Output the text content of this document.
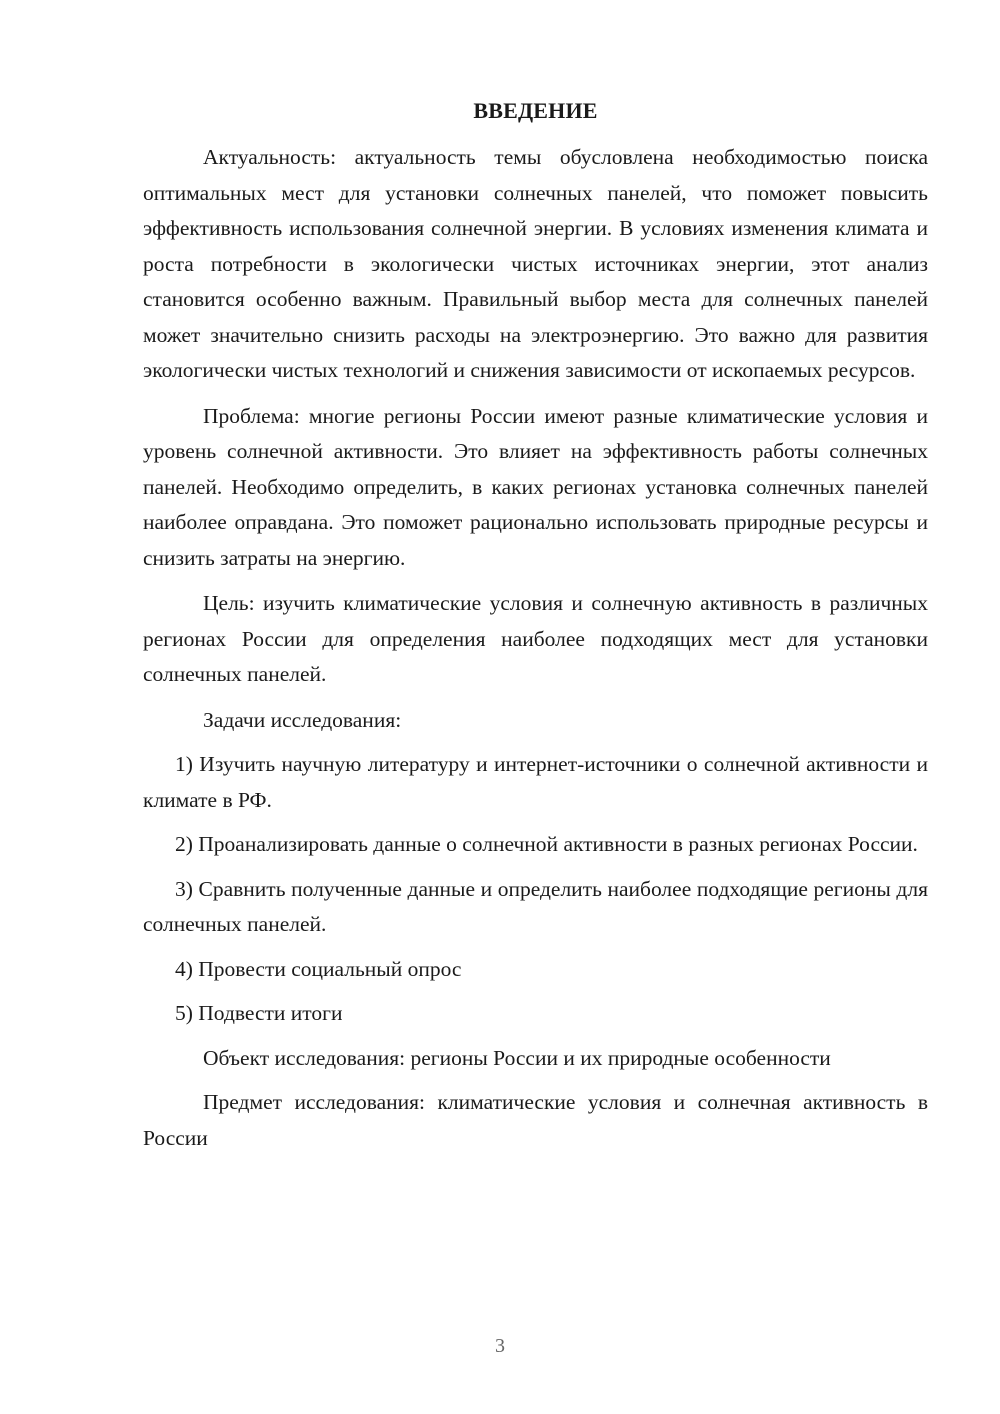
ВВЕДЕНИЕ

Актуальность: актуальность темы обусловлена необходимостью поиска оптимальных мест для установки солнечных панелей, что поможет повысить эффективность использования солнечной энергии. В условиях изменения климата и роста потребности в экологически чистых источниках энергии, этот анализ становится особенно важным. Правильный выбор места для солнечных панелей может значительно снизить расходы на электроэнергию. Это важно для развития экологически чистых технологий и снижения зависимости от ископаемых ресурсов.

Проблема: многие регионы России имеют разные климатические условия и уровень солнечной активности. Это влияет на эффективность работы солнечных панелей. Необходимо определить, в каких регионах установка солнечных панелей наиболее оправдана. Это поможет рационально использовать природные ресурсы и снизить затраты на энергию.

Цель: изучить климатические условия и солнечную активность в различных регионах России для определения наиболее подходящих мест для установки солнечных панелей.

Задачи исследования:

1) Изучить научную литературу и интернет-источники о солнечной активности и климате в РФ.

2) Проанализировать данные о солнечной активности в разных регионах России.

3) Сравнить полученные данные и определить наиболее подходящие регионы для солнечных панелей.

4) Провести социальный опрос

5) Подвести итоги

Объект исследования: регионы России и их природные особенности

Предмет исследования: климатические условия и солнечная активность в России

3
